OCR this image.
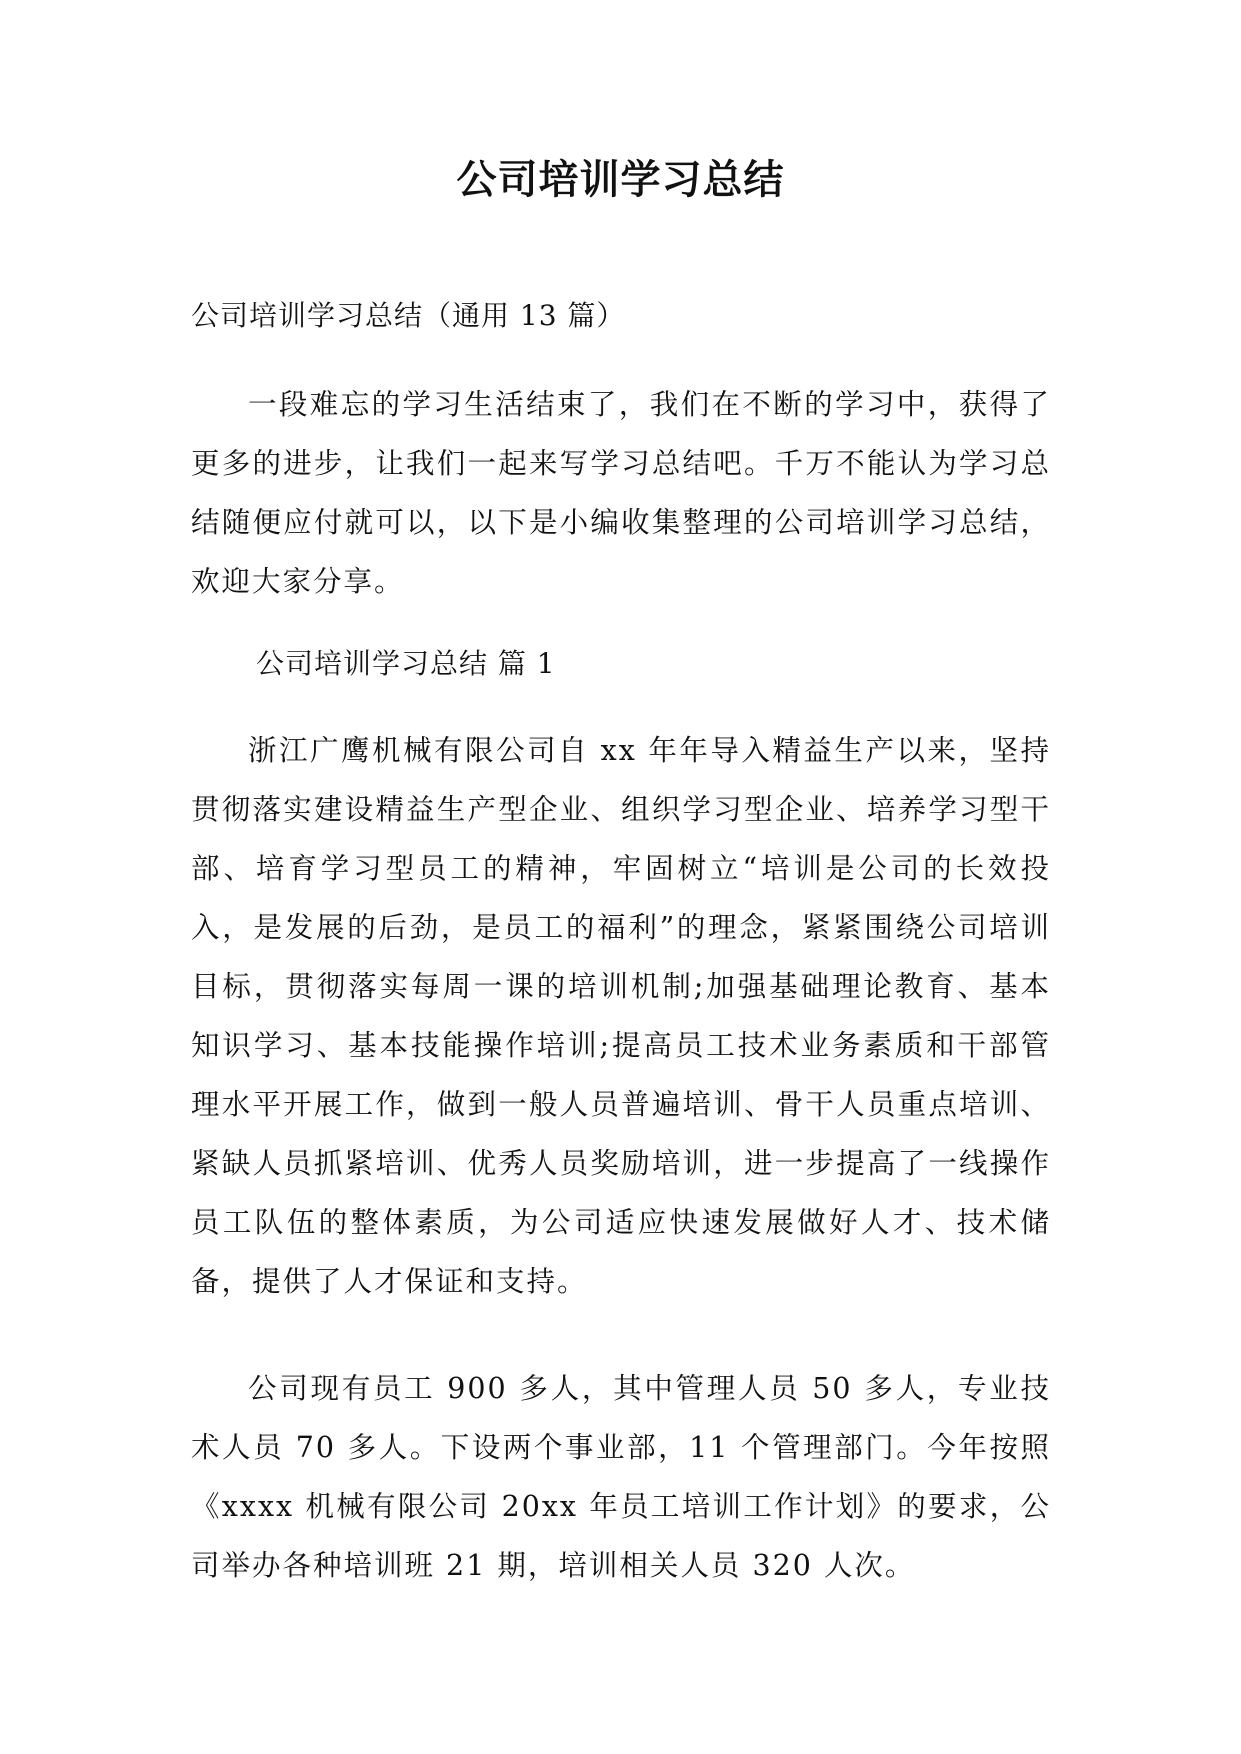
公司培训学习总结
公司培训学习总结（通用 13 篇）

一段难忘的学习生活结束了，我们在不断的学习中，获得了更多的进步，让我们一起来写学习总结吧。千万不能认为学习总结随便应付就可以，以下是小编收集整理的公司培训学习总结，欢迎大家分享。

公司培训学习总结 篇 1

浙江广鹰机械有限公司自 xx 年年导入精益生产以来，坚持贯彻落实建设精益生产型企业、组织学习型企业、培养学习型干部、培育学习型员工的精神，牢固树立“培训是公司的长效投入，是发展的后劲，是员工的福利”的理念，紧紧围绕公司培训目标，贯彻落实每周一课的培训机制;加强基础理论教育、基本知识学习、基本技能操作培训;提高员工技术业务素质和干部管理水平开展工作，做到一般人员普遍培训、骨干人员重点培训、紧缺人员抓紧培训、优秀人员奖励培训，进一步提高了一线操作员工队伍的整体素质，为公司适应快速发展做好人才、技术储备，提供了人才保证和支持。

公司现有员工 900 多人，其中管理人员 50 多人，专业技术人员 70 多人。下设两个事业部，11 个管理部门。今年按照《xxxx 机械有限公司 20xx 年员工培训工作计划》的要求，公司举办各种培训班 21 期，培训相关人员 320 人次。
